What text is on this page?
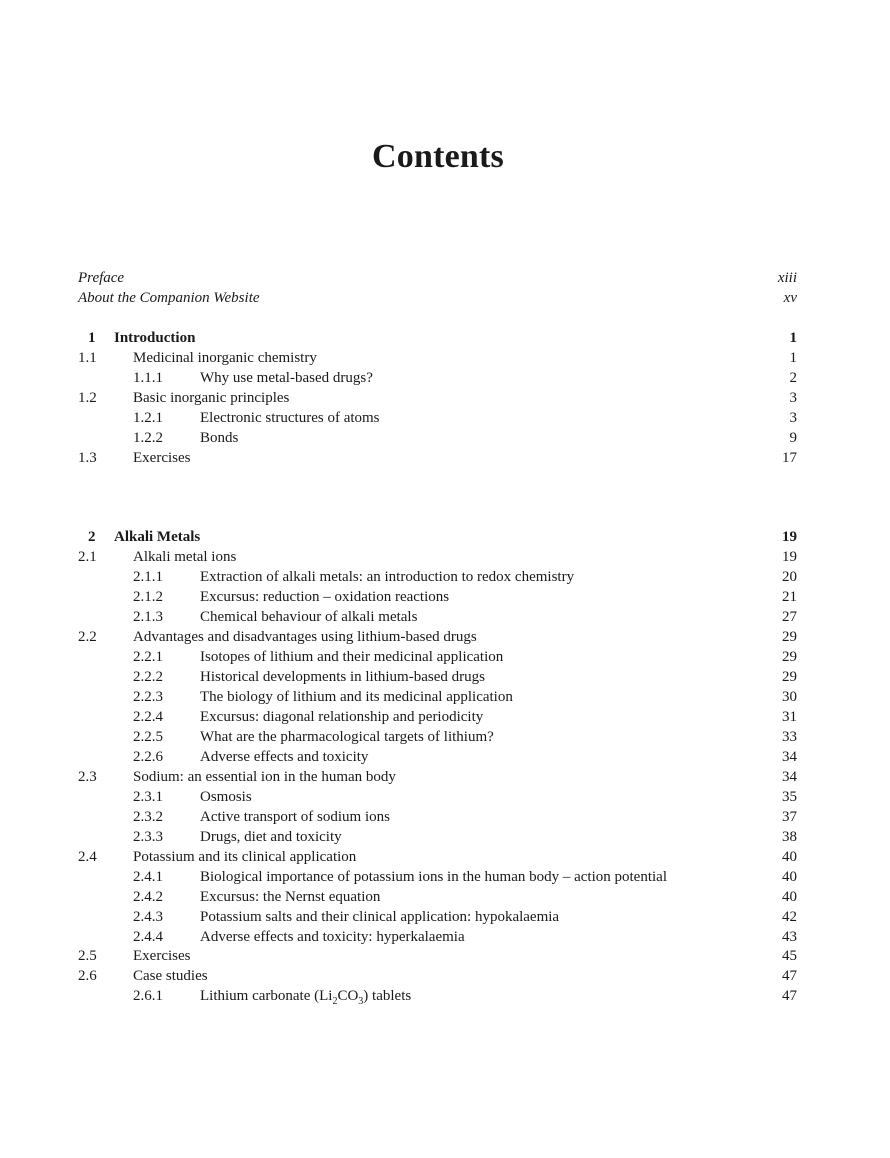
Contents
Preface	xiii
About the Companion Website	xv
1 Introduction	1
1.1 Medicinal inorganic chemistry	1
1.1.1 Why use metal-based drugs?	2
1.2 Basic inorganic principles	3
1.2.1 Electronic structures of atoms	3
1.2.2 Bonds	9
1.3 Exercises	17
2 Alkali Metals	19
2.1 Alkali metal ions	19
2.1.1 Extraction of alkali metals: an introduction to redox chemistry	20
2.1.2 Excursus: reduction – oxidation reactions	21
2.1.3 Chemical behaviour of alkali metals	27
2.2 Advantages and disadvantages using lithium-based drugs	29
2.2.1 Isotopes of lithium and their medicinal application	29
2.2.2 Historical developments in lithium-based drugs	29
2.2.3 The biology of lithium and its medicinal application	30
2.2.4 Excursus: diagonal relationship and periodicity	31
2.2.5 What are the pharmacological targets of lithium?	33
2.2.6 Adverse effects and toxicity	34
2.3 Sodium: an essential ion in the human body	34
2.3.1 Osmosis	35
2.3.2 Active transport of sodium ions	37
2.3.3 Drugs, diet and toxicity	38
2.4 Potassium and its clinical application	40
2.4.1 Biological importance of potassium ions in the human body – action potential	40
2.4.2 Excursus: the Nernst equation	40
2.4.3 Potassium salts and their clinical application: hypokalaemia	42
2.4.4 Adverse effects and toxicity: hyperkalaemia	43
2.5 Exercises	45
2.6 Case studies	47
2.6.1 Lithium carbonate $(Li_2CO_3)$ tablets	47
